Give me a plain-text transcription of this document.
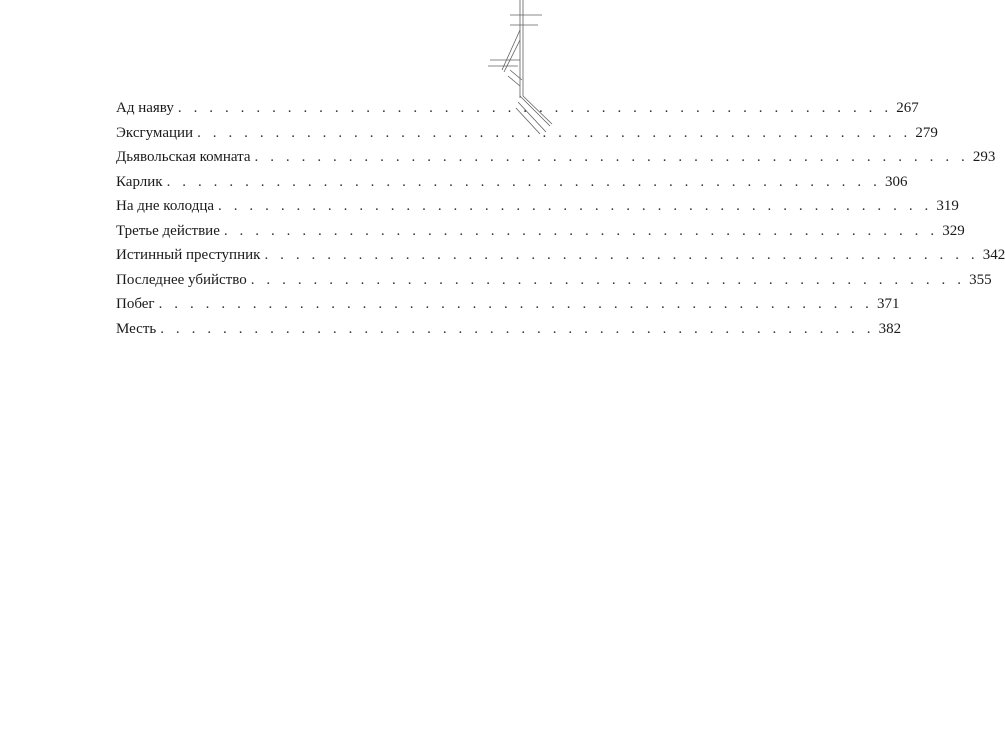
Ад наяву . . . . . . . . . . . . . . . . . . . . . . . . . . . . . . . . . . . . . . . . . . . . . . 267
Эксгумации . . . . . . . . . . . . . . . . . . . . . . . . . . . . . . . . . . . . . . . . . . . . . . 279
Дьявольская комната . . . . . . . . . . . . . . . . . . . . . . . . . . . . . . . . . . . . . . . . . . . . . . 293
Карлик . . . . . . . . . . . . . . . . . . . . . . . . . . . . . . . . . . . . . . . . . . . . . . 306
На дне колодца . . . . . . . . . . . . . . . . . . . . . . . . . . . . . . . . . . . . . . . . . . . . . . 319
Третье действие . . . . . . . . . . . . . . . . . . . . . . . . . . . . . . . . . . . . . . . . . . . . . . 329
Истинный преступник . . . . . . . . . . . . . . . . . . . . . . . . . . . . . . . . . . . . . . . . . . . . . . 342
Последнее убийство . . . . . . . . . . . . . . . . . . . . . . . . . . . . . . . . . . . . . . . . . . . . . . 355
Побег . . . . . . . . . . . . . . . . . . . . . . . . . . . . . . . . . . . . . . . . . . . . . . 371
Месть . . . . . . . . . . . . . . . . . . . . . . . . . . . . . . . . . . . . . . . . . . . . . . 382
